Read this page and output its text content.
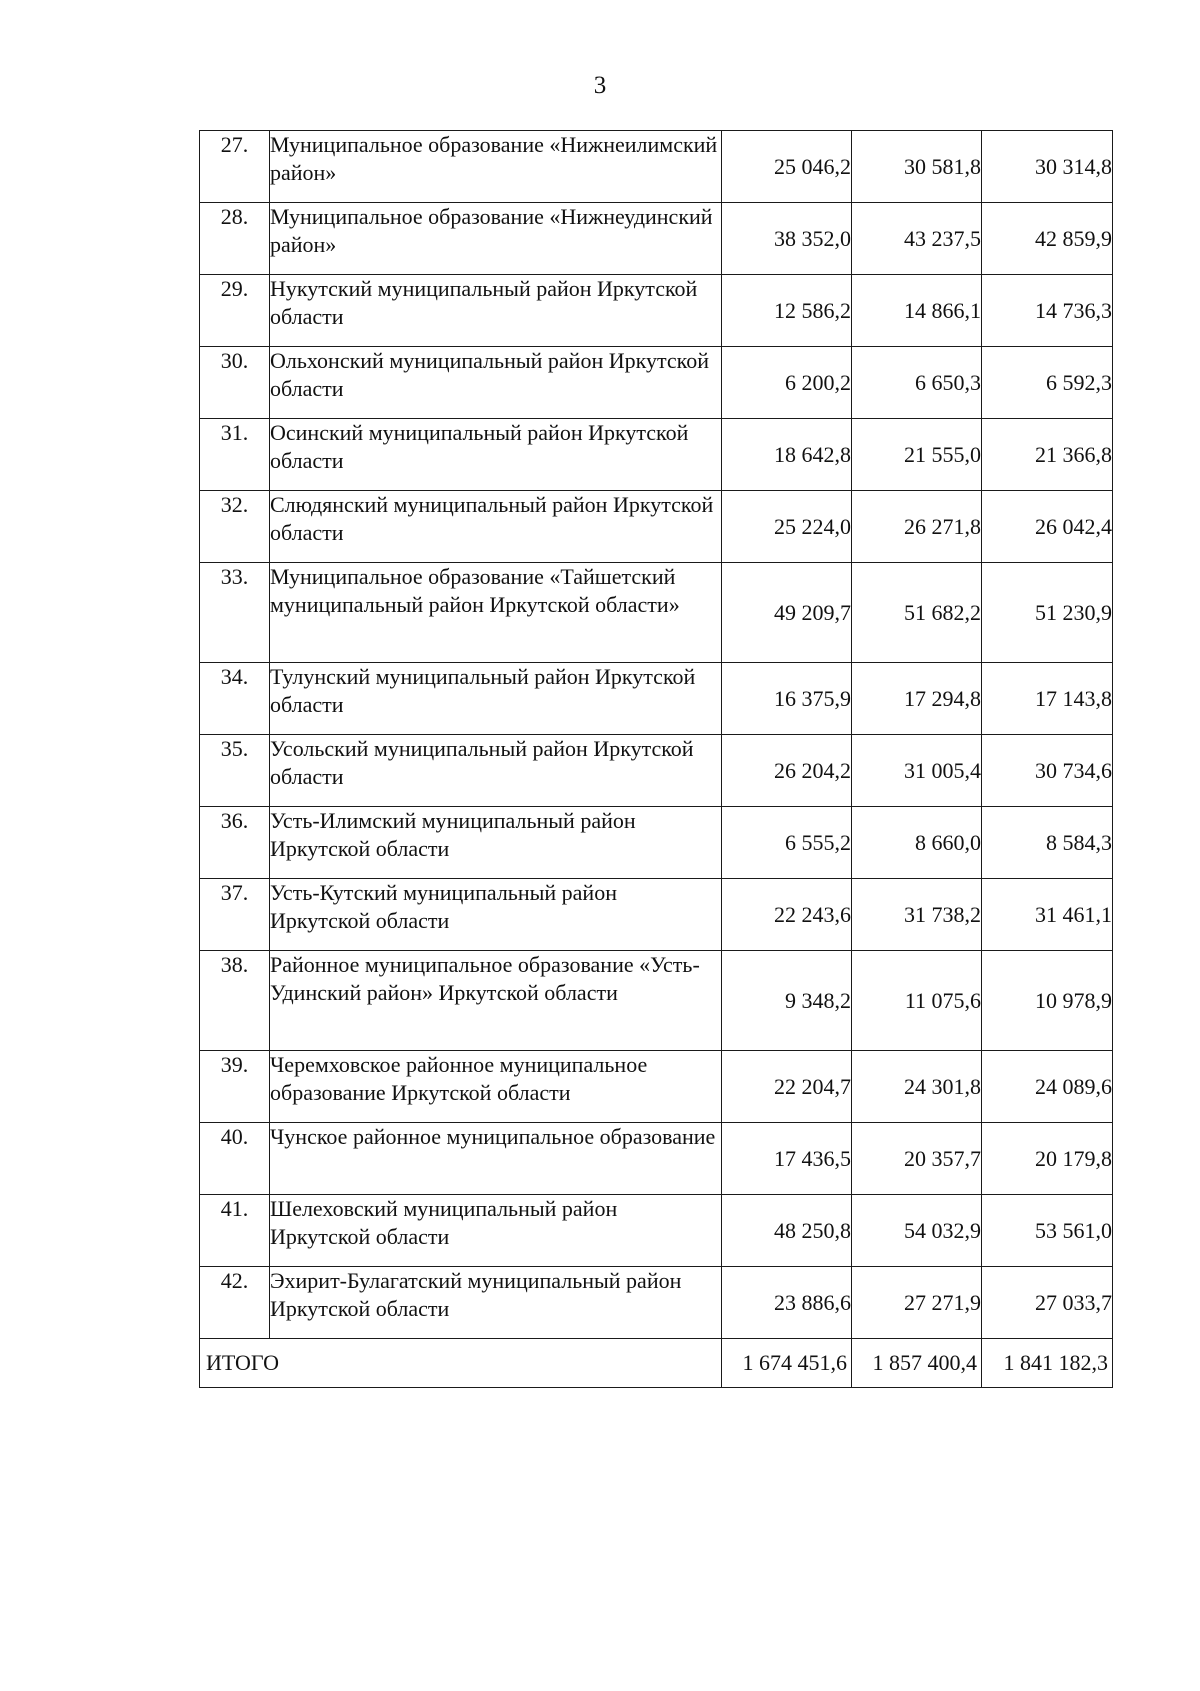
3
27.	Муниципальное образование «Нижнеилимский район»	25 046,2	30 581,8	30 314,8
28.	Муниципальное образование «Нижнеудинский район»	38 352,0	43 237,5	42 859,9
29.	Нукутский муниципальный район Иркутской области	12 586,2	14 866,1	14 736,3
30.	Ольхонский муниципальный район Иркутской области	6 200,2	6 650,3	6 592,3
31.	Осинский муниципальный район Иркутской области	18 642,8	21 555,0	21 366,8
32.	Слюдянский муниципальный район Иркутской области	25 224,0	26 271,8	26 042,4
33.	Муниципальное образование «Тайшетский муниципальный район Иркутской области»	49 209,7	51 682,2	51 230,9
34.	Тулунский муниципальный район Иркутской области	16 375,9	17 294,8	17 143,8
35.	Усольский муниципальный район Иркутской области	26 204,2	31 005,4	30 734,6
36.	Усть-Илимский муниципальный район Иркутской области	6 555,2	8 660,0	8 584,3
37.	Усть-Кутский муниципальный район Иркутской области	22 243,6	31 738,2	31 461,1
38.	Районное муниципальное образование «Усть-Удинский район» Иркутской области	9 348,2	11 075,6	10 978,9
39.	Черемховское районное муниципальное образование Иркутской области	22 204,7	24 301,8	24 089,6
40.	Чунское районное муниципальное образование	17 436,5	20 357,7	20 179,8
41.	Шелеховский муниципальный район Иркутской области	48 250,8	54 032,9	53 561,0
42.	Эхирит-Булагатский муниципальный район Иркутской области	23 886,6	27 271,9	27 033,7
ИТОГО		1 674 451,6	1 857 400,4	1 841 182,3
